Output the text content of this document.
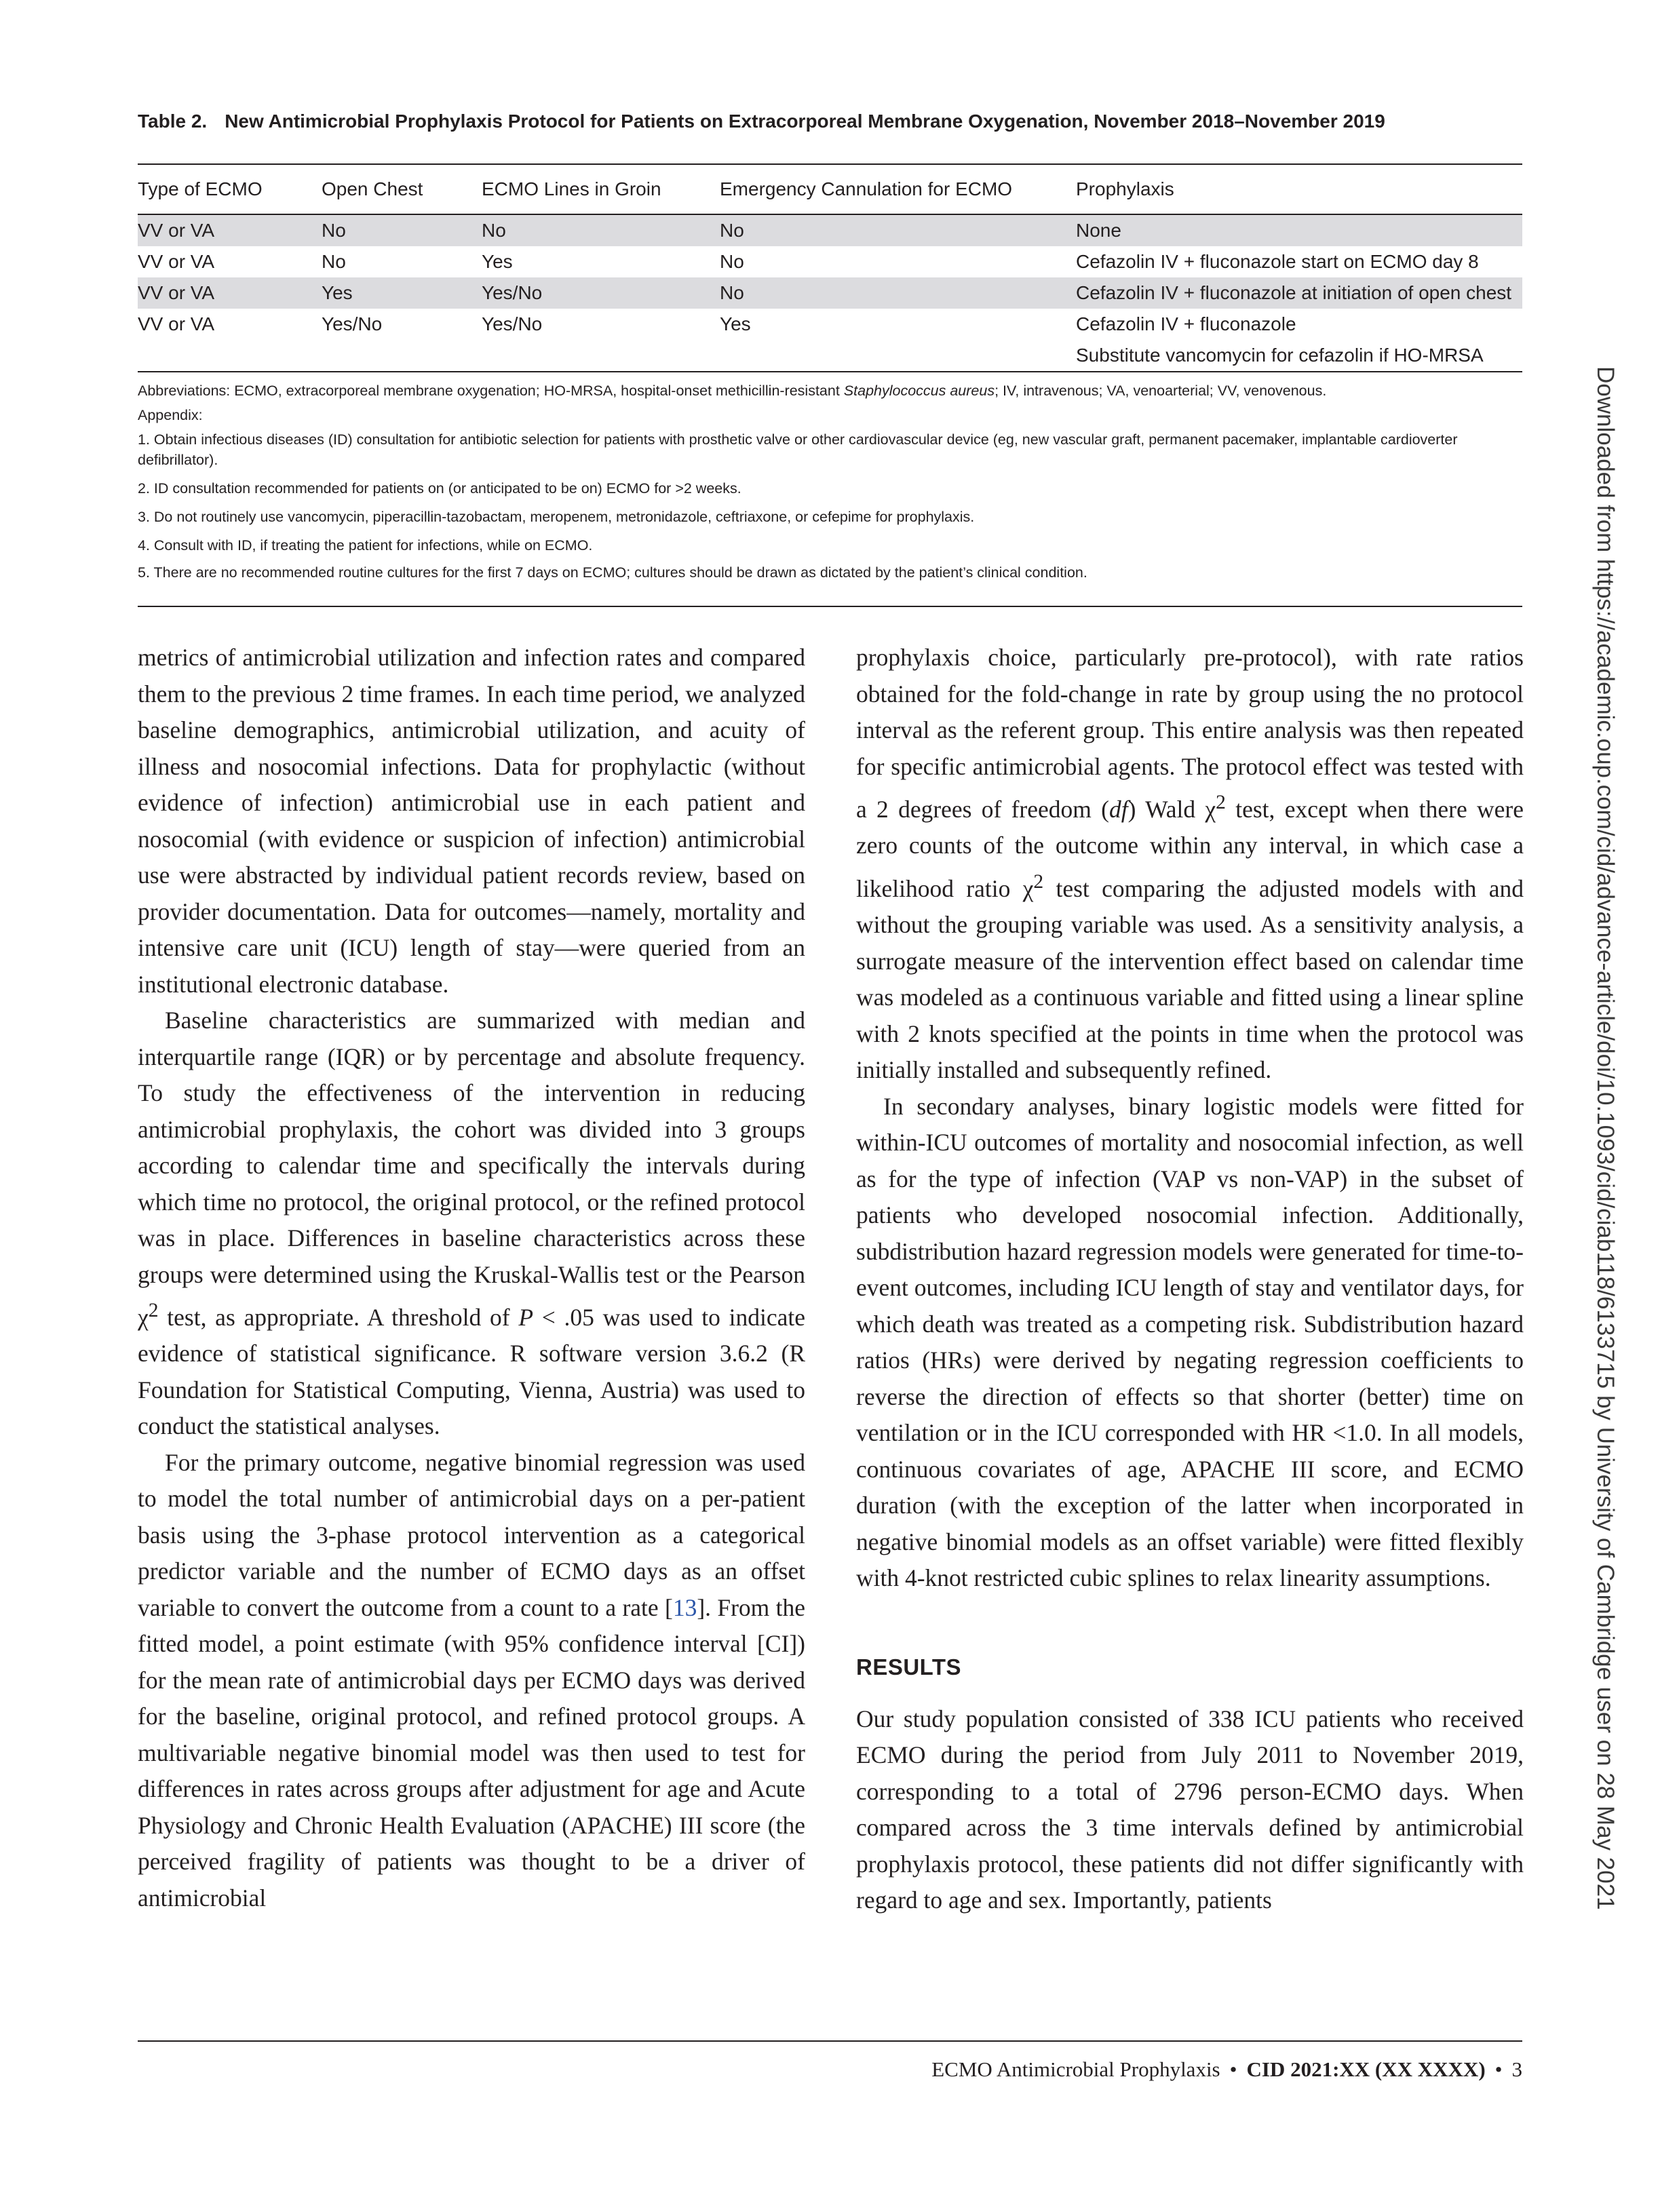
Table 2. New Antimicrobial Prophylaxis Protocol for Patients on Extracorporeal Membrane Oxygenation, November 2018–November 2019

Type of ECMO	Open Chest	ECMO Lines in Groin	Emergency Cannulation for ECMO	Prophylaxis
VV or VA	No	No	No	None
VV or VA	No	Yes	No	Cefazolin IV + fluconazole start on ECMO day 8
VV or VA	Yes	Yes/No	No	Cefazolin IV + fluconazole at initiation of open chest
VV or VA	Yes/No	Yes/No	Yes	Cefazolin IV + fluconazole
				Substitute vancomycin for cefazolin if HO-MRSA

Abbreviations: ECMO, extracorporeal membrane oxygenation; HO-MRSA, hospital-onset methicillin-resistant Staphylococcus aureus; IV, intravenous; VA, venoarterial; VV, venovenous.

Appendix:

1. Obtain infectious diseases (ID) consultation for antibiotic selection for patients with prosthetic valve or other cardiovascular device (eg, new vascular graft, permanent pacemaker, implantable cardioverter defibrillator).

2. ID consultation recommended for patients on (or anticipated to be on) ECMO for >2 weeks.

3. Do not routinely use vancomycin, piperacillin-tazobactam, meropenem, metronidazole, ceftriaxone, or cefepime for prophylaxis.

4. Consult with ID, if treating the patient for infections, while on ECMO.

5. There are no recommended routine cultures for the first 7 days on ECMO; cultures should be drawn as dictated by the patient’s clinical condition.

metrics of antimicrobial utilization and infection rates and compared them to the previous 2 time frames. In each time period, we analyzed baseline demographics, antimicrobial utilization, and acuity of illness and nosocomial infections. Data for prophylactic (without evidence of infection) antimicrobial use in each patient and nosocomial (with evidence or suspicion of infection) antimicrobial use were abstracted by individual patient records review, based on provider documentation. Data for outcomes—namely, mortality and intensive care unit (ICU) length of stay—were queried from an institutional electronic database.

Baseline characteristics are summarized with median and interquartile range (IQR) or by percentage and absolute frequency. To study the effectiveness of the intervention in reducing antimicrobial prophylaxis, the cohort was divided into 3 groups according to calendar time and specifically the intervals during which time no protocol, the original protocol, or the refined protocol was in place. Differences in baseline characteristics across these groups were determined using the Kruskal-Wallis test or the Pearson $\chi^2$ test, as appropriate. A threshold of P < .05 was used to indicate evidence of statistical significance. R software version 3.6.2 (R Foundation for Statistical Computing, Vienna, Austria) was used to conduct the statistical analyses.

For the primary outcome, negative binomial regression was used to model the total number of antimicrobial days on a per-patient basis using the 3-phase protocol intervention as a categorical predictor variable and the number of ECMO days as an offset variable to convert the outcome from a count to a rate [13]. From the fitted model, a point estimate (with 95% confidence interval [CI]) for the mean rate of antimicrobial days per ECMO days was derived for the baseline, original protocol, and refined protocol groups. A multivariable negative binomial model was then used to test for differences in rates across groups after adjustment for age and Acute Physiology and Chronic Health Evaluation (APACHE) III score (the perceived fragility of patients was thought to be a driver of antimicrobial

prophylaxis choice, particularly pre-protocol), with rate ratios obtained for the fold-change in rate by group using the no protocol interval as the referent group. This entire analysis was then repeated for specific antimicrobial agents. The protocol effect was tested with a 2 degrees of freedom (df) Wald $\chi^2$ test, except when there were zero counts of the outcome within any interval, in which case a likelihood ratio $\chi^2$ test comparing the adjusted models with and without the grouping variable was used. As a sensitivity analysis, a surrogate measure of the intervention effect based on calendar time was modeled as a continuous variable and fitted using a linear spline with 2 knots specified at the points in time when the protocol was initially installed and subsequently refined.

In secondary analyses, binary logistic models were fitted for within-ICU outcomes of mortality and nosocomial infection, as well as for the type of infection (VAP vs non-VAP) in the subset of patients who developed nosocomial infection. Additionally, subdistribution hazard regression models were generated for time-to-event outcomes, including ICU length of stay and ventilator days, for which death was treated as a competing risk. Subdistribution hazard ratios (HRs) were derived by negating regression coefficients to reverse the direction of effects so that shorter (better) time on ventilation or in the ICU corresponded with HR <1.0. In all models, continuous covariates of age, APACHE III score, and ECMO duration (with the exception of the latter when incorporated in negative binomial models as an offset variable) were fitted flexibly with 4-knot restricted cubic splines to relax linearity assumptions.

RESULTS

Our study population consisted of 338 ICU patients who received ECMO during the period from July 2011 to November 2019, corresponding to a total of 2796 person-ECMO days. When compared across the 3 time intervals defined by antimicrobial prophylaxis protocol, these patients did not differ significantly with regard to age and sex. Importantly, patients	Downloaded from https://academic.oup.com/cid/advance-article/doi/10.1093/cid/ciab118/6133715 by University of Cambridge user on 28 May 2021
ECMO Antimicrobial Prophylaxis • CID 2021:XX (XX XXXX) • 3
